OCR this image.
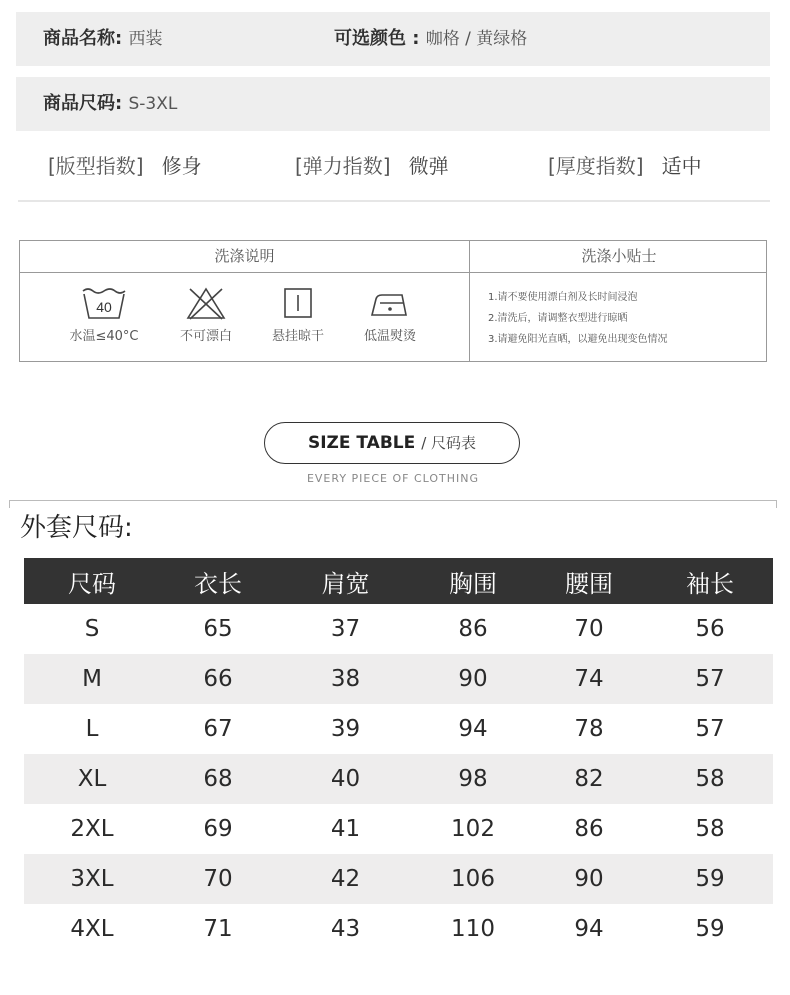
商品名称: 西装	可选颜色 : 咖格 / 黄绿格
商品尺码: S-3XL
[版型指数] 修身	[弹力指数] 微弹	[厚度指数] 适中
洗涤说明	洗涤小贴士
40
水温≤40°C	不可漂白	悬挂晾干	低温熨烫
1.请不要使用漂白剂及长时间浸泡
2.清洗后，请调整衣型进行晾晒
3.请避免阳光直晒，以避免出现变色情况
SIZE TABLE / 尺码表
EVERY PIECE OF CLOTHING
外套尺码:
尺码	衣长	肩宽	胸围	腰围	袖长
S	65	37	86	70	56
M	66	38	90	74	57
L	67	39	94	78	57
XL	68	40	98	82	58
2XL	69	41	102	86	58
3XL	70	42	106	90	59
4XL	71	43	110	94	59
